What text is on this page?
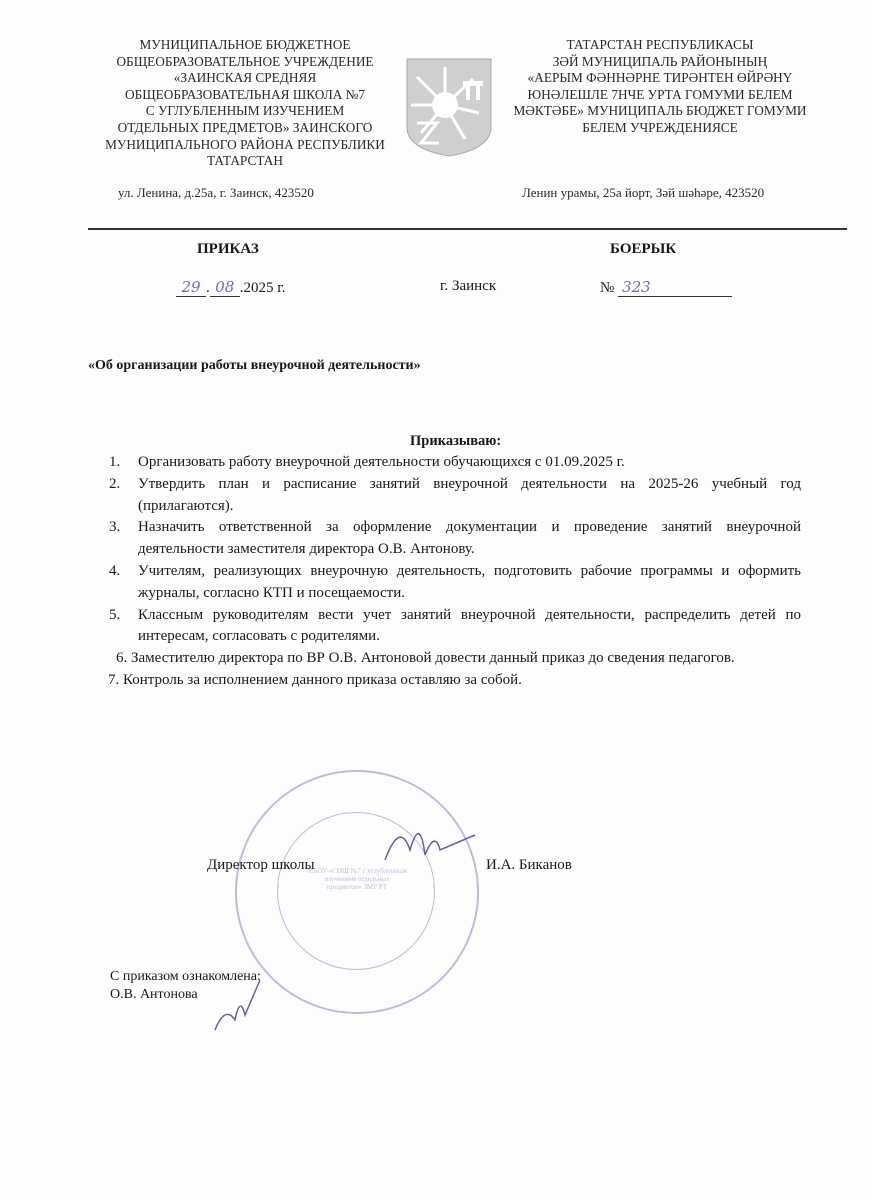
МУНИЦИПАЛЬНОЕ БЮДЖЕТНОЕ
ОБЩЕОБРАЗОВАТЕЛЬНОЕ УЧРЕЖДЕНИЕ
«ЗАИНСКАЯ СРЕДНЯЯ
ОБЩЕОБРАЗОВАТЕЛЬНАЯ ШКОЛА №7
С УГЛУБЛЕННЫМ ИЗУЧЕНИЕМ
ОТДЕЛЬНЫХ ПРЕДМЕТОВ» ЗАИНСКОГО
МУНИЦИПАЛЬНОГО РАЙОНА РЕСПУБЛИКИ
ТАТАРСТАН
ТАТАРСТАН РЕСПУБЛИКАСЫ
ЗӘЙ МУНИЦИПАЛЬ РАЙОНЫНЫҢ
«АЕРЫМ ФӘННӘРНЕ ТИРӘНТЕН ӨЙРӘНҮ
ЮНӘЛЕШЛЕ 7НЧЕ УРТА ГОМУМИ БЕЛЕМ
МӘКТӘБЕ» МУНИЦИПАЛЬ БЮДЖЕТ ГОМУМИ
БЕЛЕМ УЧРЕЖДЕНИЯСЕ
ул. Ленина, д.25а, г. Заинск, 423520	Ленин урамы, 25а йорт, Зәй шәһәре, 423520
ПРИКАЗ	БОЕРЫК
29 . 08 .2025 г.	г. Заинск	№ 323
«Об организации работы внеурочной деятельности»
Приказываю:
1. Организовать работу внеурочной деятельности обучающихся с 01.09.2025 г.
2. Утвердить план и расписание занятий внеурочной деятельности на 2025-26 учебный год (прилагаются).
3. Назначить ответственной за оформление документации и проведение занятий внеурочной деятельности заместителя директора О.В. Антонову.
4. Учителям, реализующих внеурочную деятельность, подготовить рабочие программы и оформить журналы, согласно КТП и посещаемости.
5. Классным руководителям вести учет занятий внеурочной деятельности, распределить детей по интересам, согласовать с родителями.
6. Заместителю директора по ВР О.В. Антоновой довести данный приказ до сведения педагогов.
7. Контроль за исполнением данного приказа оставляю за собой.
МБОУ «СОШ №7 с углубленным изучением отдельных предметов» ЗМР РТ
Директор школы	И.А. Биканов
С приказом ознакомлена:
О.В. Антонова
